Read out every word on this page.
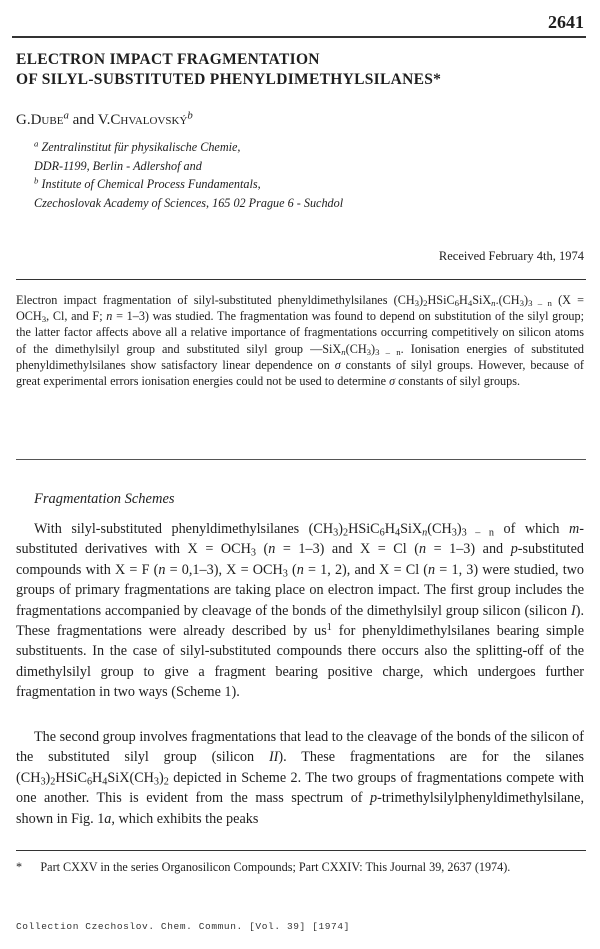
2641
ELECTRON IMPACT FRAGMENTATION
OF SILYL-SUBSTITUTED PHENYLDIMETHYLSILANES*
G.Dube$^a$ and V.Chvalovský$^b$
$^a$ Zentralinstitut für physikalische Chemie,
DDR-1199, Berlin - Adlershof and
$^b$ Institute of Chemical Process Fundamentals,
Czechoslovak Academy of Sciences, 165 02 Prague 6 - Suchdol
Received February 4th, 1974
Electron impact fragmentation of silyl-substituted phenyldimethylsilanes $(CH_3)_2HSiC_6H_4SiX_n.(CH_3)_{3 - n}$ ($X = OCH_3$, Cl, and F; n = 1–3) was studied. The fragmentation was found to depend on substitution of the silyl group; the latter factor affects above all a relative importance of fragmentations occurring competitively on silicon atoms of the dimethylsilyl group and substituted silyl group $—SiX_n(CH_3)_{3 - n}$. Ionisation energies of substituted phenyldimethylsilanes show satisfactory linear dependence on σ constants of silyl groups. However, because of great experimental errors ionisation energies could not be used to determine σ constants of silyl groups.
Fragmentation Schemes
With silyl-substituted phenyldimethylsilanes $(CH_3)_2HSiC_6H_4SiX_n(CH_3)_{3 - n}$ of which m-substituted derivatives with $X = OCH_3$ (n = 1–3) and X = Cl (n = 1–3) and p-substituted compounds with X = F (n = 0,1–3), $X = OCH_3$ (n = 1, 2), and X = Cl (n = 1, 3) were studied, two groups of primary fragmentations are taking place on electron impact. The first group includes the fragmentations accompanied by cleavage of the bonds of the dimethylsilyl group silicon (silicon I). These fragmentations were already described by $us^1$ for phenyldimethylsilanes bearing simple substituents. In the case of silyl-substituted compounds there occurs also the splitting-off of the dimethylsilyl group to give a fragment bearing positive charge, which undergoes further fragmentation in two ways (Scheme 1).
The second group involves fragmentations that lead to the cleavage of the bonds of the silicon of the substituted silyl group (silicon II). These fragmentations are for the silanes $(CH_3)_2HSiC_6H_4SiX(CH_3)_2$ depicted in Scheme 2. The two groups of fragmentations compete with one another. This is evident from the mass spectrum of p-trimethylsilylphenyldimethylsilane, shown in Fig. 1a, which exhibits the peaks
* Part CXXV in the series Organosilicon Compounds; Part CXXIV: This Journal 39, 2637 (1974).
Collection Czechoslov. Chem. Commun. [Vol. 39] [1974]
